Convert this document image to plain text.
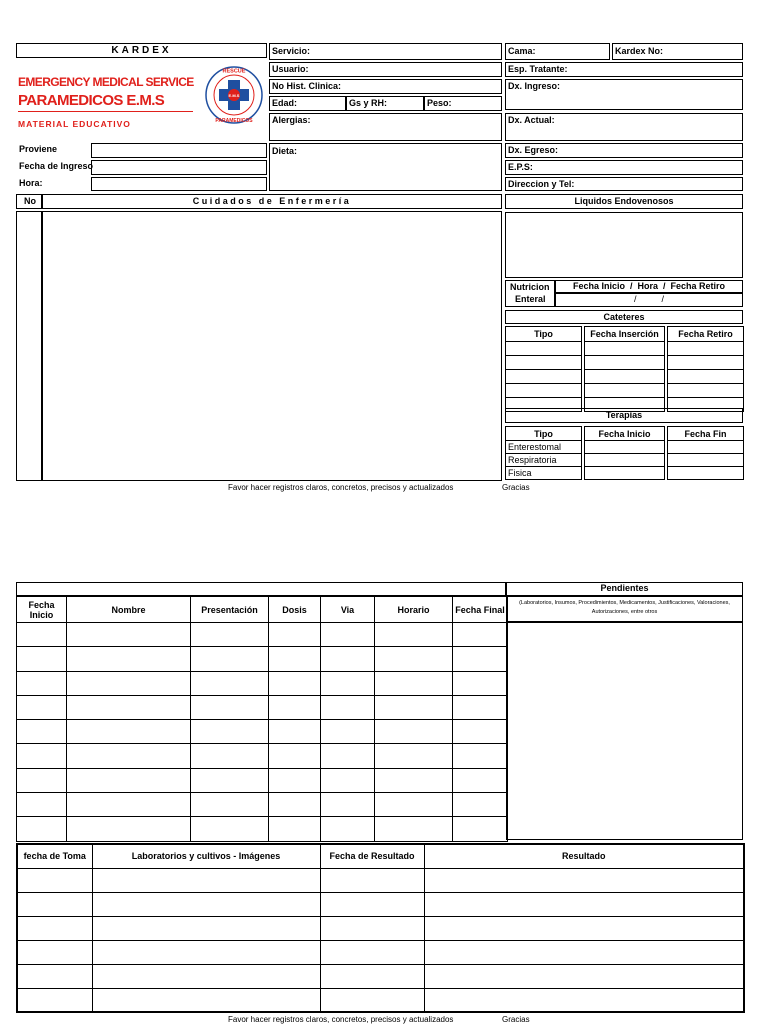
KARDEX
EMERGENCY MEDICAL SERVICE
PARAMEDICOS E.M.S
MATERIAL EDUCATIVO
RESCUE
PARAMEDICOS
E.M.S
Proviene
Fecha de Ingreso
Hora:
Servicio:
Usuario:
No Hist. Clinica:
Edad:	Gs y RH:	Peso:
Alergias:
Dieta:
Cama:	Kardex No:
Esp. Tratante:
Dx. Ingreso:
Dx. Actual:
Dx. Egreso:
E.P.S:
Direccion y Tel:
No	Cuidados de Enfermería	Liquidos Endovenosos
Nutricion
Enteral
Fecha Inicio  /  Hora  /  Fecha Retiro
/          /
Cateteres
Tipo		Fecha Inserción		Fecha Retiro

Terapias
Tipo		Fecha Inicio		Fecha Fin
Enterestomal				
Respiratoria				
Fisica				
Favor hacer registros claros, concretos, precisos y actualizados	Gracias
Fecha Inicio	Nombre	Presentación	Dosis	Via	Horario	Fecha Final

Pendientes
(Laboratorios, Insumos, Procedimientos, Medicamentos, Justificaciones, Valoraciones, Autorizaciones, entre otros
fecha de Toma	Laboratorios y cultivos - Imágenes	Fecha de Resultado	Resultado

Favor hacer registros claros, concretos, precisos y actualizados	Gracias
